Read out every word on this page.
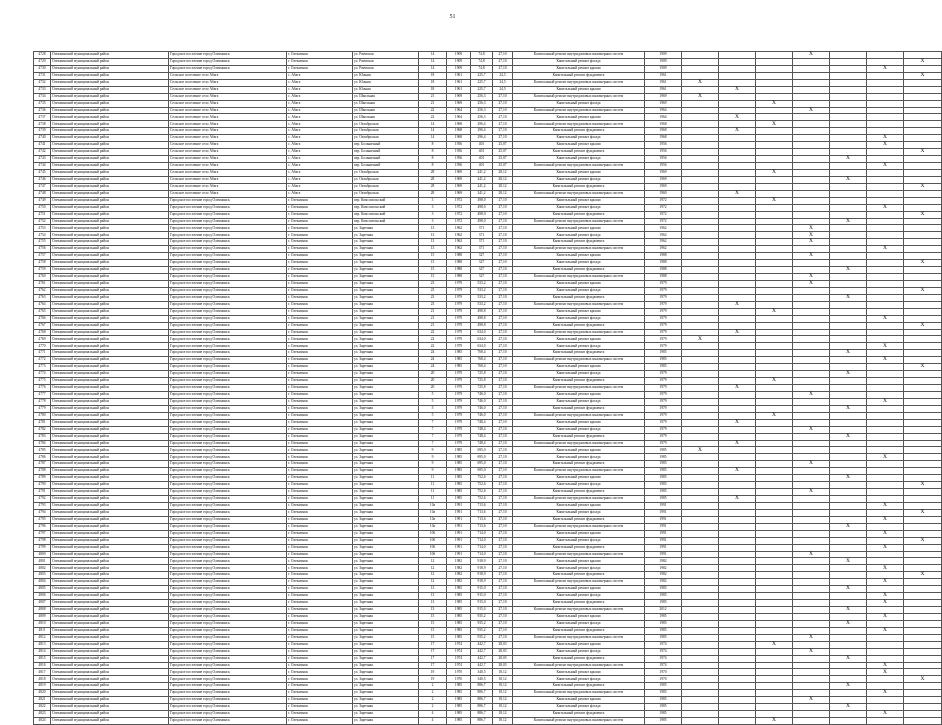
51
4728	Олекминский муниципальный район	Городское поселение город Олекминск	г. Олекминск	ул. Ржевская	14	1909	74,8	27,10	Капитальный ремонт внутридомовых инженерных систем	1909				X			
4729	Олекминский муниципальный район	Городское поселение город Олекминск	г. Олекминск	ул. Ржевская	14	1909	74,8	27,10	Капитальный ремонт фасада	1909							X
4730	Олекминский муниципальный район	Городское поселение город Олекминск	г. Олекминск	ул. Ржевская	14	1909	74,8	27,10	Капитальный ремонт крыши	1909						X	
4731	Олекминский муниципальный район	Сельское поселение село Абага	с. Абага	ул. Южная	18	1961	225,7	24,5	Капитальный ремонт фундамента	1961							X
4732	Олекминский муниципальный район	Сельское поселение село Абага	с. Абага	ул. Южная	18	1961	225,7	24,5	Капитальный ремонт внутридомовых инженерных систем	1961	X						
4733	Олекминский муниципальный район	Сельское поселение село Абага	с. Абага	ул. Южная	18	1961	225,7	24,5	Капитальный ремонт крыши	1961		X					
4734	Олекминский муниципальный район	Сельское поселение село Абага	с. Абага	ул. Школьная	21	1969	256,3	27,10	Капитальный ремонт внутридомовых инженерных систем	1969	X						
4735	Олекминский муниципальный район	Сельское поселение село Абага	с. Абага	ул. Школьная	21	1969	256,3	27,10	Капитальный ремонт фасада	1969			X				
4736	Олекминский муниципальный район	Сельское поселение село Абага	с. Абага	ул. Школьная	22	1964	256,3	27,10	Капитальный ремонт внутридомовых инженерных систем	1964				X			
4737	Олекминский муниципальный район	Сельское поселение село Абага	с. Абага	ул. Школьная	22	1964	256,3	27,10	Капитальный ремонт крыши	1964		X					
4738	Олекминский муниципальный район	Сельское поселение село Абага	с. Абага	ул. Октябрьская	14	1968	296,4	27,10	Капитальный ремонт внутридомовых инженерных систем	1968			X				
4739	Олекминский муниципальный район	Сельское поселение село Абага	с. Абага	ул. Октябрьская	14	1968	296,4	27,10	Капитальный ремонт фундамента	1968		X					
4740	Олекминский муниципальный район	Сельское поселение село Абага	с. Абага	ул. Октябрьская	14	1968	296,4	27,10	Капитальный ремонт фасада	1968						X	
4741	Олекминский муниципальный район	Сельское поселение село Абага	с. Абага	пер. Больничный	8	1956	401	25,07	Капитальный ремонт крыши	1956						X	
4742	Олекминский муниципальный район	Сельское поселение село Абага	с. Абага	пер. Больничный	8	1956	401	25,07	Капитальный ремонт фундамента	1956							X
4743	Олекминский муниципальный район	Сельское поселение село Абага	с. Абага	пер. Больничный	8	1956	401	25,07	Капитальный ремонт фасада	1956					X		
4744	Олекминский муниципальный район	Сельское поселение село Абага	с. Абага	пер. Больничный	8	1956	401	25,07	Капитальный ремонт внутридомовых инженерных систем	1956						X	
4745	Олекминский муниципальный район	Сельское поселение село Абага	с. Абага	ул. Октябрьская	28	1969	241,2	28,12	Капитальный ремонт крыши	1969			X				
4746	Олекминский муниципальный район	Сельское поселение село Абага	с. Абага	ул. Октябрьская	28	1969	241,2	28,12	Капитальный ремонт фасада	1969					X		
4747	Олекминский муниципальный район	Сельское поселение село Абага	с. Абага	ул. Октябрьская	28	1969	241,2	28,12	Капитальный ремонт фундамента	1969							X
4748	Олекминский муниципальный район	Сельское поселение село Абага	с. Абага	ул. Октябрьская	28	1969	241,2	28,12	Капитальный ремонт внутридомовых инженерных систем	1969		X					
4749	Олекминский муниципальный район	Городское поселение город Олекминск	г. Олекминск	пер. Комсомольский	3	1972	498,0	27,10	Капитальный ремонт крыши	1972			X				
4750	Олекминский муниципальный район	Городское поселение город Олекминск	г. Олекминск	пер. Комсомольский	3	1972	498,0	27,10	Капитальный ремонт фасада	1972						X	
4751	Олекминский муниципальный район	Городское поселение город Олекминск	г. Олекминск	пер. Комсомольский	3	1972	498,0	27,10	Капитальный ремонт фундамента	1972							X
4752	Олекминский муниципальный район	Городское поселение город Олекминск	г. Олекминск	пер. Комсомольский	3	1972	498,0	27,10	Капитальный ремонт внутридомовых инженерных систем	1972					X		
4753	Олекминский муниципальный район	Городское поселение город Олекминск	г. Олекминск	ул. Заречная	13	1962	371	27,10	Капитальный ремонт крыши	1962				X			
4754	Олекминский муниципальный район	Городское поселение город Олекминск	г. Олекминск	ул. Заречная	13	1962	371	27,10	Капитальный ремонт фасада	1962				X			
4755	Олекминский муниципальный район	Городское поселение город Олекминск	г. Олекминск	ул. Заречная	13	1962	371	27,10	Капитальный ремонт фундамента	1962				X			
4756	Олекминский муниципальный район	Городское поселение город Олекминск	г. Олекминск	ул. Заречная	13	1962	371	27,10	Капитальный ремонт внутридомовых инженерных систем	1962						X	
4757	Олекминский муниципальный район	Городское поселение город Олекминск	г. Олекминск	ул. Заречная	15	1988	327	27,10	Капитальный ремонт крыши	1988				X			
4758	Олекминский муниципальный район	Городское поселение город Олекминск	г. Олекминск	ул. Заречная	15	1988	327	27,10	Капитальный ремонт фасада	1988							X
4759	Олекминский муниципальный район	Городское поселение город Олекминск	г. Олекминск	ул. Заречная	15	1988	327	27,10	Капитальный ремонт фундамента	1988					X		
4760	Олекминский муниципальный район	Городское поселение город Олекминск	г. Олекминск	ул. Заречная	15	1988	327	27,10	Капитальный ремонт внутридомовых инженерных систем	1988				X			
4761	Олекминский муниципальный район	Городское поселение город Олекминск	г. Олекминск	ул. Заречная	23	1979	533,2	27,10	Капитальный ремонт крыши	1979				X			
4762	Олекминский муниципальный район	Городское поселение город Олекминск	г. Олекминск	ул. Заречная	23	1979	533,2	27,10	Капитальный ремонт фасада	1979							X
4763	Олекминский муниципальный район	Городское поселение город Олекминск	г. Олекминск	ул. Заречная	23	1979	533,2	27,10	Капитальный ремонт фундамента	1979					X		
4764	Олекминский муниципальный район	Городское поселение город Олекминск	г. Олекминск	ул. Заречная	23	1979	533,2	27,10	Капитальный ремонт внутридомовых инженерных систем	1979		X					
4765	Олекминский муниципальный район	Городское поселение город Олекминск	г. Олекминск	ул. Заречная	21	1979	498,8	27,10	Капитальный ремонт крыши	1979			X				
4766	Олекминский муниципальный район	Городское поселение город Олекминск	г. Олекминск	ул. Заречная	21	1979	498,8	27,10	Капитальный ремонт фасада	1979						X	
4767	Олекминский муниципальный район	Городское поселение город Олекминск	г. Олекминск	ул. Заречная	21	1979	498,8	27,10	Капитальный ремонт фундамента	1979							X
4768	Олекминский муниципальный район	Городское поселение город Олекминск	г. Олекминск	ул. Заречная	22	1979	634,0	27,10	Капитальный ремонт внутридомовых инженерных систем	1979		X					
4769	Олекминский муниципальный район	Городское поселение город Олекминск	г. Олекминск	ул. Заречная	22	1979	634,0	27,10	Капитальный ремонт крыши	1979	X						
4770	Олекминский муниципальный район	Городское поселение город Олекминск	г. Олекминск	ул. Заречная	22	1979	634,0	27,10	Капитальный ремонт фасада	1979						X	
4771	Олекминский муниципальный район	Городское поселение город Олекминск	г. Олекминск	ул. Заречная	24	1985	768,4	27,10	Капитальный ремонт фундамента	1985					X		
4772	Олекминский муниципальный район	Городское поселение город Олекминск	г. Олекминск	ул. Заречная	24	1985	768,4	27,10	Капитальный ремонт внутридомовых инженерных систем	1985						X	
4773	Олекминский муниципальный район	Городское поселение город Олекминск	г. Олекминск	ул. Заречная	24	1985	768,4	27,10	Капитальный ремонт крыши	1985							X
4774	Олекминский муниципальный район	Городское поселение город Олекминск	г. Олекминск	ул. Заречная	20	1979	725,8	27,10	Капитальный ремонт фасада	1979					X		
4775	Олекминский муниципальный район	Городское поселение город Олекминск	г. Олекминск	ул. Заречная	20	1979	725,8	27,10	Капитальный ремонт фундамента	1979			X				
4776	Олекминский муниципальный район	Городское поселение город Олекминск	г. Олекминск	ул. Заречная	20	1979	725,8	27,10	Капитальный ремонт внутридомовых инженерных систем	1979		X					
4777	Олекминский муниципальный район	Городское поселение город Олекминск	г. Олекминск	ул. Заречная	5	1979	746,0	27,10	Капитальный ремонт крыши	1979				X			
4778	Олекминский муниципальный район	Городское поселение город Олекминск	г. Олекминск	ул. Заречная	5	1979	746,0	27,10	Капитальный ремонт фасада	1979						X	
4779	Олекминский муниципальный район	Городское поселение город Олекминск	г. Олекминск	ул. Заречная	5	1979	746,0	27,10	Капитальный ремонт фундамента	1979					X		
4780	Олекминский муниципальный район	Городское поселение город Олекминск	г. Олекминск	ул. Заречная	5	1979	746,0	27,10	Капитальный ремонт внутридомовых инженерных систем	1979			X				
4781	Олекминский муниципальный район	Городское поселение город Олекминск	г. Олекминск	ул. Заречная	7	1979	748,4	27,10	Капитальный ремонт крыши	1979		X					
4782	Олекминский муниципальный район	Городское поселение город Олекминск	г. Олекминск	ул. Заречная	7	1979	748,4	27,10	Капитальный ремонт фасада	1979				X			
4783	Олекминский муниципальный район	Городское поселение город Олекминск	г. Олекминск	ул. Заречная	7	1979	748,4	27,10	Капитальный ремонт фундамента	1979					X		
4784	Олекминский муниципальный район	Городское поселение город Олекминск	г. Олекминск	ул. Заречная	7	1979	748,4	27,10	Капитальный ремонт внутридомовых инженерных систем	1979		X					
4785	Олекминский муниципальный район	Городское поселение город Олекминск	г. Олекминск	ул. Заречная	9	1985	695,0	27,10	Капитальный ремонт крыши	1985	X						
4786	Олекминский муниципальный район	Городское поселение город Олекминск	г. Олекминск	ул. Заречная	9	1985	695,0	27,10	Капитальный ремонт фасада	1985						X	
4787	Олекминский муниципальный район	Городское поселение город Олекминск	г. Олекминск	ул. Заречная	9	1985	695,0	27,10	Капитальный ремонт фундамента	1985				X			
4788	Олекминский муниципальный район	Городское поселение город Олекминск	г. Олекминск	ул. Заречная	9	1985	695,0	27,10	Капитальный ремонт внутридомовых инженерных систем	1985		X					
4789	Олекминский муниципальный район	Городское поселение город Олекминск	г. Олекминск	ул. Заречная	11	1985	752,6	27,10	Капитальный ремонт крыши	1985					X		
4790	Олекминский муниципальный район	Городское поселение город Олекминск	г. Олекминск	ул. Заречная	11	1985	752,6	27,10	Капитальный ремонт фасада	1985							X
4791	Олекминский муниципальный район	Городское поселение город Олекминск	г. Олекминск	ул. Заречная	11	1985	752,6	27,10	Капитальный ремонт фундамента	1985				X			
4792	Олекминский муниципальный район	Городское поселение город Олекминск	г. Олекминск	ул. Заречная	11	1985	752,6	27,10	Капитальный ремонт внутридомовых инженерных систем	1985		X					
4793	Олекминский муниципальный район	Городское поселение город Олекминск	г. Олекминск	ул. Заречная	10а	1991	713,6	27,10	Капитальный ремонт крыши	1991						X	
4794	Олекминский муниципальный район	Городское поселение город Олекминск	г. Олекминск	ул. Заречная	10а	1991	713,6	27,10	Капитальный ремонт фасада	1991							X
4795	Олекминский муниципальный район	Городское поселение город Олекминск	г. Олекминск	ул. Заречная	10а	1991	713,6	27,10	Капитальный ремонт фундамента	1991						X	
4796	Олекминский муниципальный район	Городское поселение город Олекминск	г. Олекминск	ул. Заречная	10а	1991	713,6	27,10	Капитальный ремонт внутридомовых инженерных систем	1991					X		
4797	Олекминский муниципальный район	Городское поселение город Олекминск	г. Олекминск	ул. Заречная	10б	1991	714,0	27,10	Капитальный ремонт крыши	1991						X	
4798	Олекминский муниципальный район	Городское поселение город Олекминск	г. Олекминск	ул. Заречная	10б	1991	714,0	27,10	Капитальный ремонт фасада	1991							X
4799	Олекминский муниципальный район	Городское поселение город Олекминск	г. Олекминск	ул. Заречная	10б	1991	714,0	27,10	Капитальный ремонт фундамента	1991						X	
4800	Олекминский муниципальный район	Городское поселение город Олекминск	г. Олекминск	ул. Заречная	10б	1991	714,0	27,10	Капитальный ремонт внутридомовых инженерных систем	1991				X			
4801	Олекминский муниципальный район	Городское поселение город Олекминск	г. Олекминск	ул. Заречная	12	1982	918,9	27,10	Капитальный ремонт крыши	1982					X		
4802	Олекминский муниципальный район	Городское поселение город Олекминск	г. Олекминск	ул. Заречная	12	1982	918,9	27,10	Капитальный ремонт фасада	1982						X	
4803	Олекминский муниципальный район	Городское поселение город Олекминск	г. Олекминск	ул. Заречная	12	1982	918,9	27,10	Капитальный ремонт фундамента	1982							X
4804	Олекминский муниципальный район	Городское поселение город Олекминск	г. Олекминск	ул. Заречная	12	1982	918,9	27,10	Капитальный ремонт внутридомовых инженерных систем	1982						X	
4805	Олекминский муниципальный район	Городское поселение город Олекминск	г. Олекминск	ул. Заречная	13	1985	915,0	27,10	Капитальный ремонт крыши	1985					X		
4806	Олекминский муниципальный район	Городское поселение город Олекминск	г. Олекминск	ул. Заречная	13	1985	915,0	27,10	Капитальный ремонт фасада	1985						X	
4807	Олекминский муниципальный район	Городское поселение город Олекминск	г. Олекминск	ул. Заречная	13	1985	915,0	27,10	Капитальный ремонт фундамента	1985						X	
4808	Олекминский муниципальный район	Городское поселение город Олекминск	г. Олекминск	ул. Заречная	13	1985	915,0	27,10	Капитальный ремонт внутридомовых инженерных систем	2012					X		
4809	Олекминский муниципальный район	Городское поселение город Олекминск	г. Олекминск	ул. Заречная	15	1985	935,2	27,10	Капитальный ремонт крыши	1985						X	
4810	Олекминский муниципальный район	Городское поселение город Олекминск	г. Олекминск	ул. Заречная	15	1985	935,2	27,10	Капитальный ремонт фасада	1985					X		
4811	Олекминский муниципальный район	Городское поселение город Олекминск	г. Олекминск	ул. Заречная	15	1985	935,2	27,10	Капитальный ремонт фундамента	1985						X	
4812	Олекминский муниципальный район	Городское поселение город Олекминск	г. Олекминск	ул. Заречная	15	1985	935,2	27,10	Капитальный ремонт внутридомовых инженерных систем	1985				X			
4813	Олекминский муниципальный район	Городское поселение город Олекминск	г. Олекминск	ул. Заречная	17	1974	442,7	28,03	Капитальный ремонт крыши	1974			X				
4814	Олекминский муниципальный район	Городское поселение город Олекминск	г. Олекминск	ул. Заречная	17	1974	442,7	28,03	Капитальный ремонт фасада	1974				X			
4815	Олекминский муниципальный район	Городское поселение город Олекминск	г. Олекминск	ул. Заречная	17	1974	442,7	28,03	Капитальный ремонт фундамента	1974					X		
4816	Олекминский муниципальный район	Городское поселение город Олекминск	г. Олекминск	ул. Заречная	17	1974	442,7	28,03	Капитальный ремонт внутридомовых инженерных систем	1974						X	
4817	Олекминский муниципальный район	Городское поселение город Олекминск	г. Олекминск	ул. Заречная	19	1970	340,5	18,12	Капитальный ремонт крыши	1970						X	
4818	Олекминский муниципальный район	Городское поселение город Олекминск	г. Олекминск	ул. Заречная	19	1970	340,5	18,12	Капитальный ремонт фасада	1970							X
4819	Олекминский муниципальный район	Городское поселение город Олекминск	г. Олекминск	ул. Заречная	2	1985	886,7	18,12	Капитальный ремонт фундамента	1985					X		
4820	Олекминский муниципальный район	Городское поселение город Олекминск	г. Олекминск	ул. Заречная	2	1985	886,7	18,12	Капитальный ремонт внутридомовых инженерных систем	1985						X	
4821	Олекминский муниципальный район	Городское поселение город Олекминск	г. Олекминск	ул. Заречная	2	1985	886,7	18,12	Капитальный ремонт крыши	1985				X			
4822	Олекминский муниципальный район	Городское поселение город Олекминск	г. Олекминск	ул. Заречная	2	1985	886,7	18,12	Капитальный ремонт фасада	1985					X		
4823	Олекминский муниципальный район	Городское поселение город Олекминск	г. Олекминск	ул. Заречная	4	1985	886,7	18,12	Капитальный ремонт фундамента	1985						X	
4824	Олекминский муниципальный район	Городское поселение город Олекминск	г. Олекминск	ул. Заречная	4	1985	886,7	18,12	Капитальный ремонт внутридомовых инженерных систем	1985			X				
